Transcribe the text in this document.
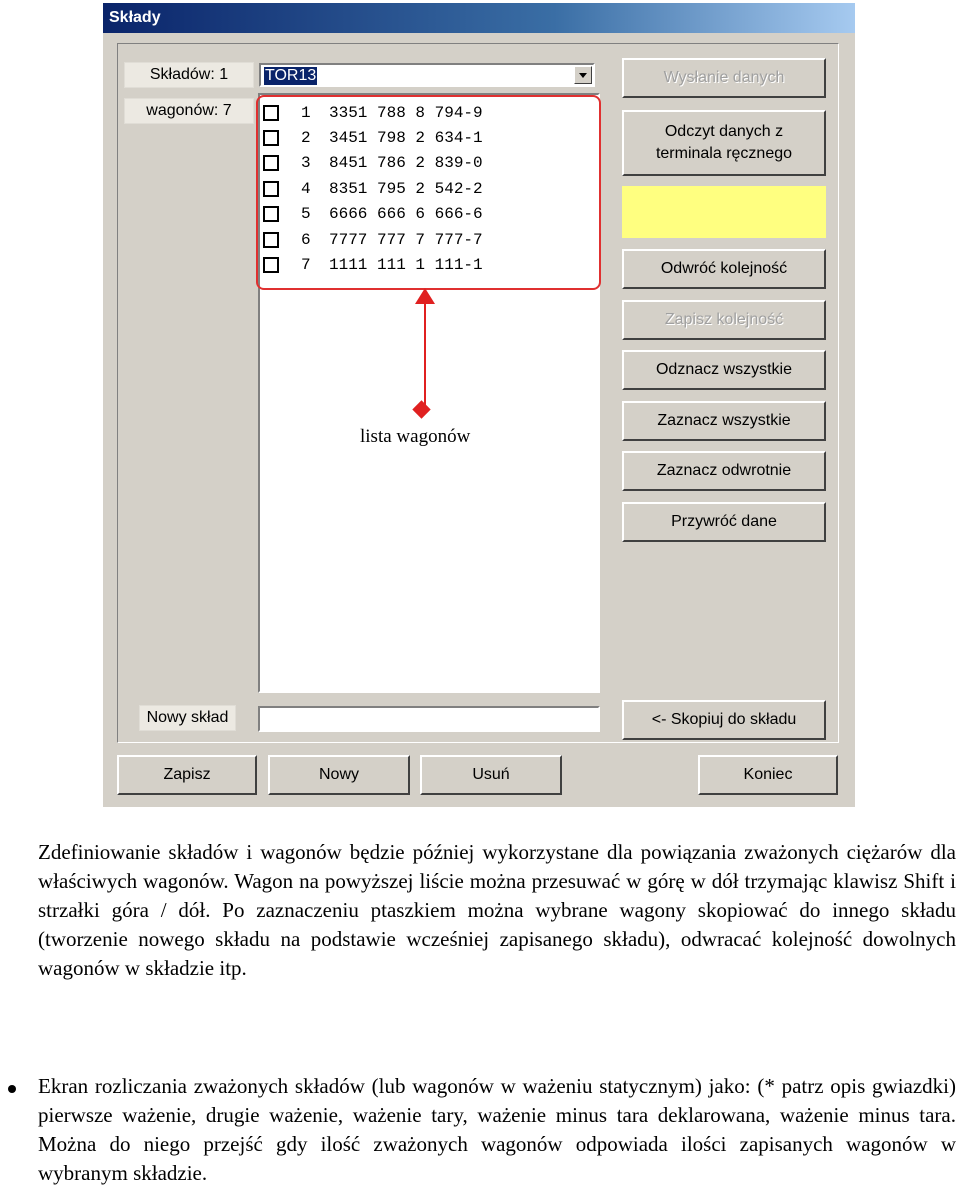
Składy
Składów: 1
wagonów: 7
TOR13
1	3351 788 8 794-9
2	3451 798 2 634-1
3	8451 786 2 839-0
4	8351 795 2 542-2
5	6666 666 6 666-6
6	7777 777 7 777-7
7	1111 111 1 111-1
Wysłanie danych
Odczyt danych z terminala ręcznego
Odwróć kolejność
Zapisz kolejność
Odznacz wszystkie
Zaznacz wszystkie
Zaznacz odwrotnie
Przywróć dane
Nowy skład	<- Skopiuj do składu
Zapisz	Nowy	Usuń	Koniec
lista wagonów
Zdefiniowanie składów i wagonów będzie później wykorzystane dla powiązania zważonych ciężarów dla właściwych wagonów. Wagon na powyższej liście można przesuwać w górę w dół trzymając klawisz Shift i strzałki góra / dół. Po zaznaczeniu ptaszkiem można wybrane wagony skopiować do innego składu (tworzenie nowego składu na podstawie wcześniej zapisanego składu), odwracać kolejność dowolnych wagonów w składzie itp.
Ekran rozliczania zważonych składów (lub wagonów w ważeniu statycznym) jako: (* patrz opis gwiazdki) pierwsze ważenie, drugie ważenie, ważenie tary, ważenie minus tara deklarowana, ważenie minus tara. Można do niego przejść gdy ilość zważonych wagonów odpowiada ilości zapisanych wagonów w wybranym składzie.
